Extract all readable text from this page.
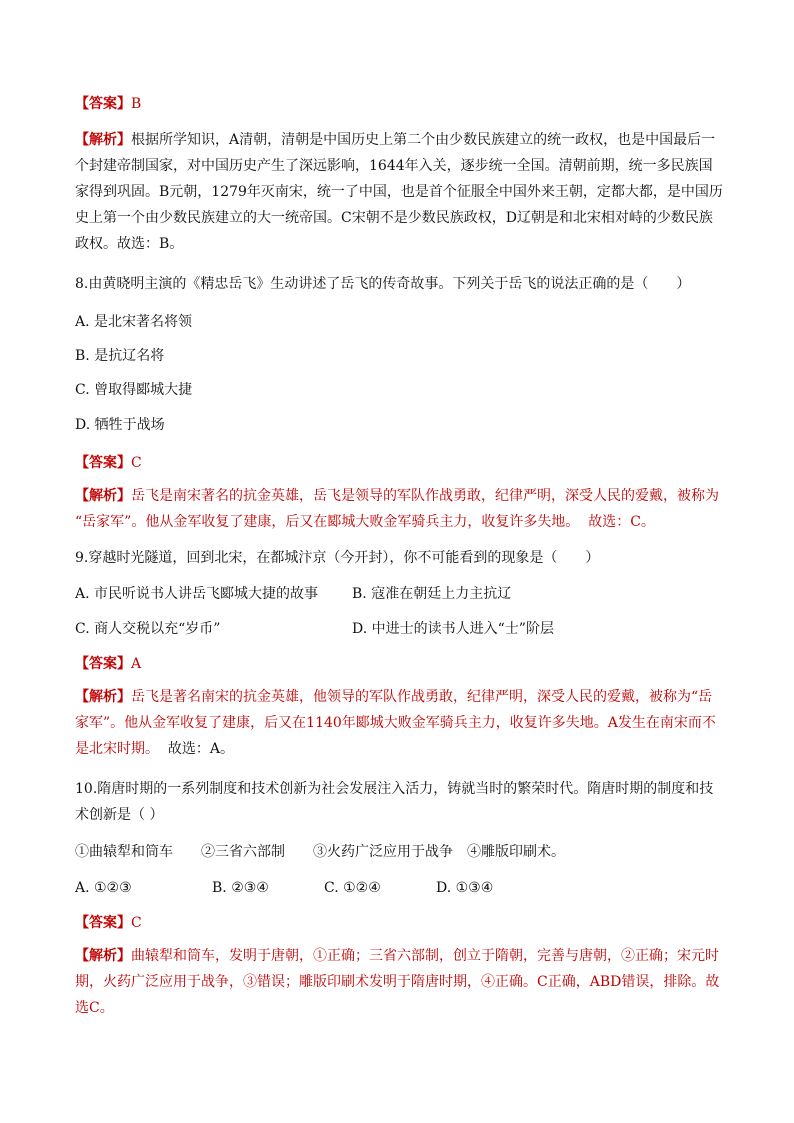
【答案】B
【解析】根据所学知识，A清朝，清朝是中国历史上第二个由少数民族建立的统一政权，也是中国最后一个封建帝制国家，对中国历史产生了深远影响，1644年入关，逐步统一全国。清朝前期，统一多民族国家得到巩固。B元朝，1279年灭南宋，统一了中国，也是首个征服全中国外来王朝，定都大都，是中国历史上第一个由少数民族建立的大一统帝国。C宋朝不是少数民族政权，D辽朝是和北宋相对峙的少数民族政权。故选：B。
8.由黄晓明主演的《精忠岳飞》生动讲述了岳飞的传奇故事。下列关于岳飞的说法正确的是（　　）
A. 是北宋著名将领
B. 是抗辽名将
C. 曾取得郾城大捷
D. 牺牲于战场
【答案】C
【解析】岳飞是南宋著名的抗金英雄，岳飞是领导的军队作战勇敢，纪律严明，深受人民的爱戴，被称为
“岳家军”。他从金军收复了建康，后又在郾城大败金军骑兵主力，收复许多失地。 故选：C。
9.穿越时光隧道，回到北宋，在都城汴京（今开封），你不可能看到的现象是（　　）
A. 市民听说书人讲岳飞郾城大捷的故事 B. 寇准在朝廷上力主抗辽
C. 商人交税以充“岁币”	D. 中进士的读书人进入“士”阶层
【答案】A
【解析】岳飞是著名南宋的抗金英雄，他领导的军队作战勇敢，纪律严明，深受人民的爱戴，被称为“岳家军”。他从金军收复了建康，后又在1140年郾城大败金军骑兵主力，收复许多失地。A发生在南宋而不是北宋时期。 故选：A。
10.隋唐时期的一系列制度和技术创新为社会发展注入活力，铸就当时的繁荣时代。隋唐时期的制度和技术创新是（ ）
①曲辕犁和筒车　　②三省六部制　　③火药广泛应用于战争　④雕版印刷术。
A. ①②③	B. ②③④	C. ①②④	D. ①③④
【答案】C
【解析】曲辕犁和筒车，发明于唐朝，①正确；三省六部制，创立于隋朝，完善与唐朝，②正确；宋元时期，火药广泛应用于战争，③错误；雕版印刷术发明于隋唐时期，④正确。C正确，ABD错误，排除。故选C。
